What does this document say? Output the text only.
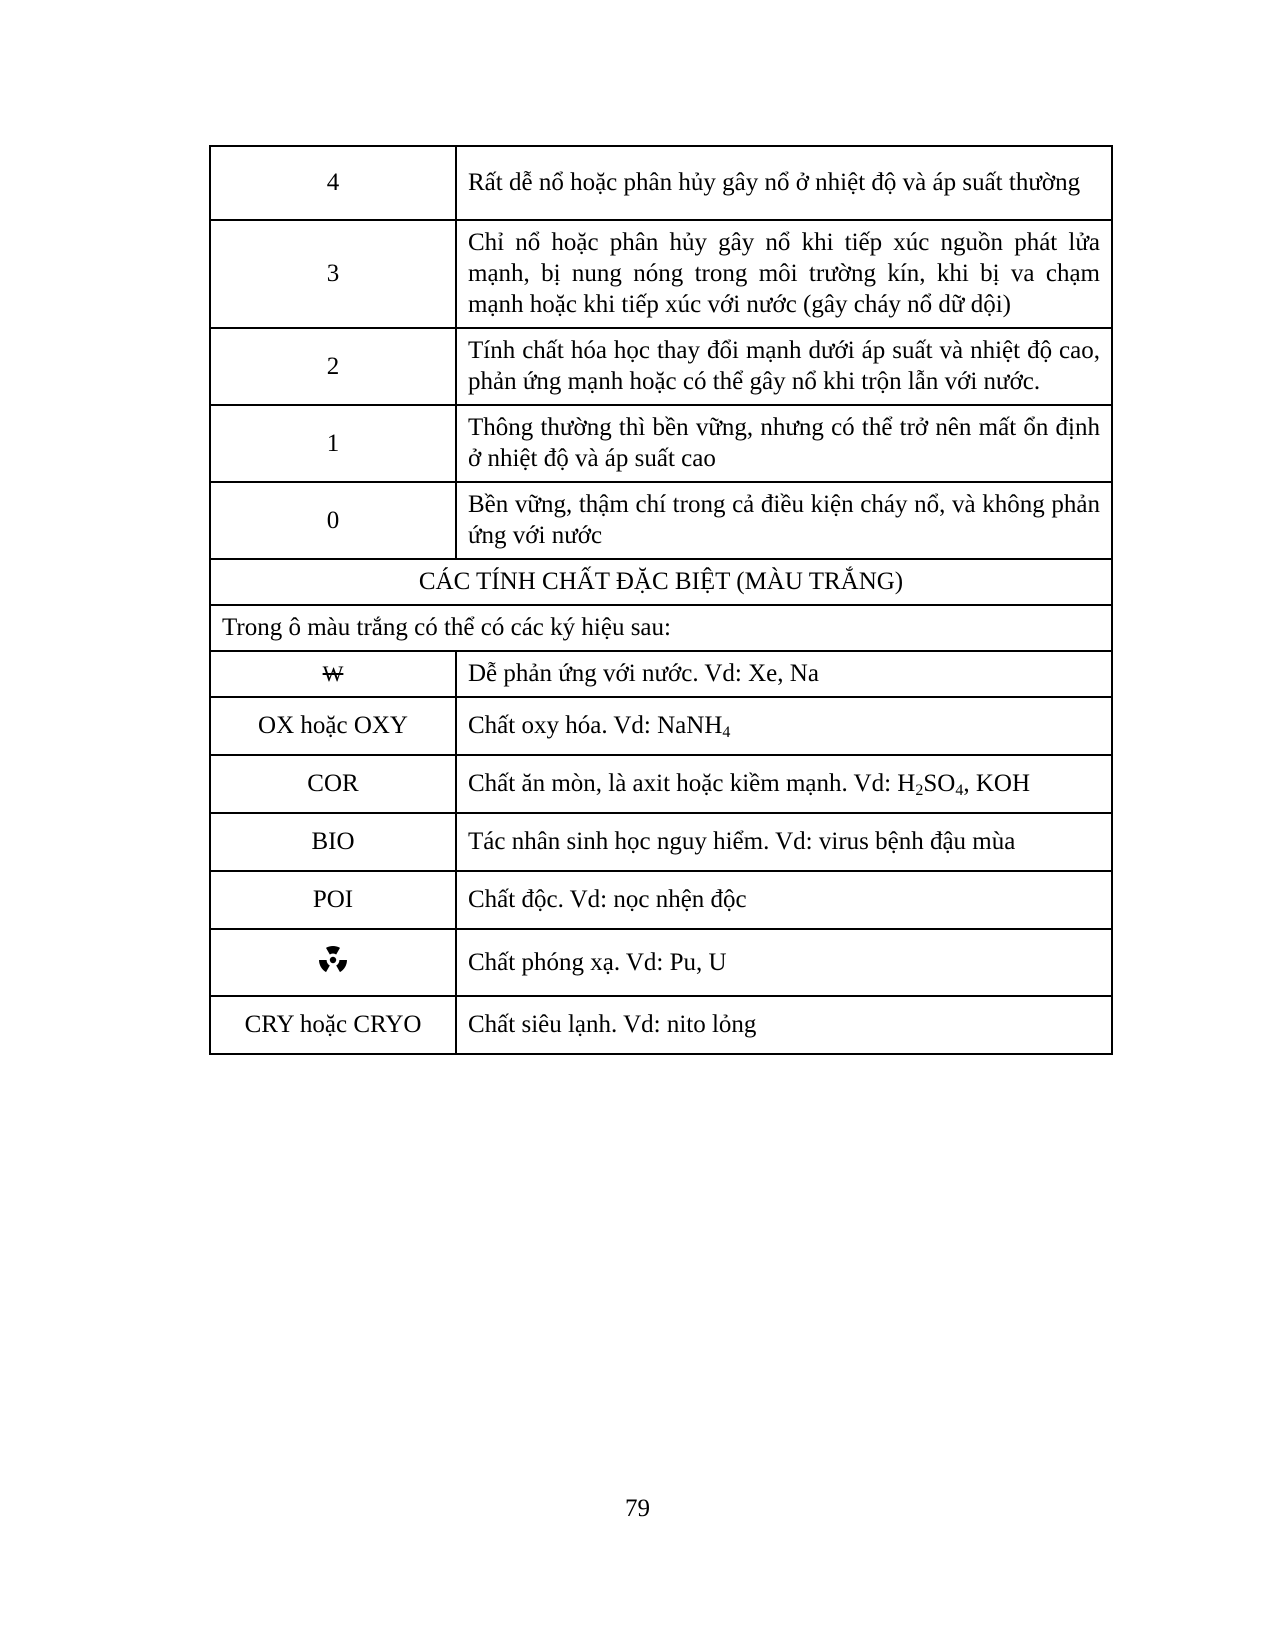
4	Rất dễ nổ hoặc phân hủy gây nổ ở nhiệt độ và áp suất thường
3	Chỉ nổ hoặc phân hủy gây nổ khi tiếp xúc nguồn phát lửa mạnh, bị nung nóng trong môi trường kín, khi bị va chạm mạnh hoặc khi tiếp xúc với nước (gây cháy nổ dữ dội)
2	Tính chất hóa học thay đổi mạnh dưới áp suất và nhiệt độ cao, phản ứng mạnh hoặc có thể gây nổ khi trộn lẫn với nước.
1	Thông thường thì bền vững, nhưng có thể trở nên mất ổn định ở nhiệt độ và áp suất cao
0	Bền vững, thậm chí trong cả điều kiện cháy nổ, và không phản ứng với nước
CÁC TÍNH CHẤT ĐẶC BIỆT (MÀU TRẮNG)	
Trong ô màu trắng có thể có các ký hiệu sau:	
W	Dễ phản ứng với nước. Vd: Xe, Na
OX hoặc OXY	Chất oxy hóa. Vd: NaNH$_4$
COR	Chất ăn mòn, là axit hoặc kiềm mạnh. Vd: $H_2SO_4$, KOH
BIO	Tác nhân sinh học nguy hiểm. Vd: virus bệnh đậu mùa
POI	Chất độc. Vd: nọc nhện độc
	Chất phóng xạ. Vd: Pu, U
CRY hoặc CRYO	Chất siêu lạnh. Vd: nito lỏng
79
